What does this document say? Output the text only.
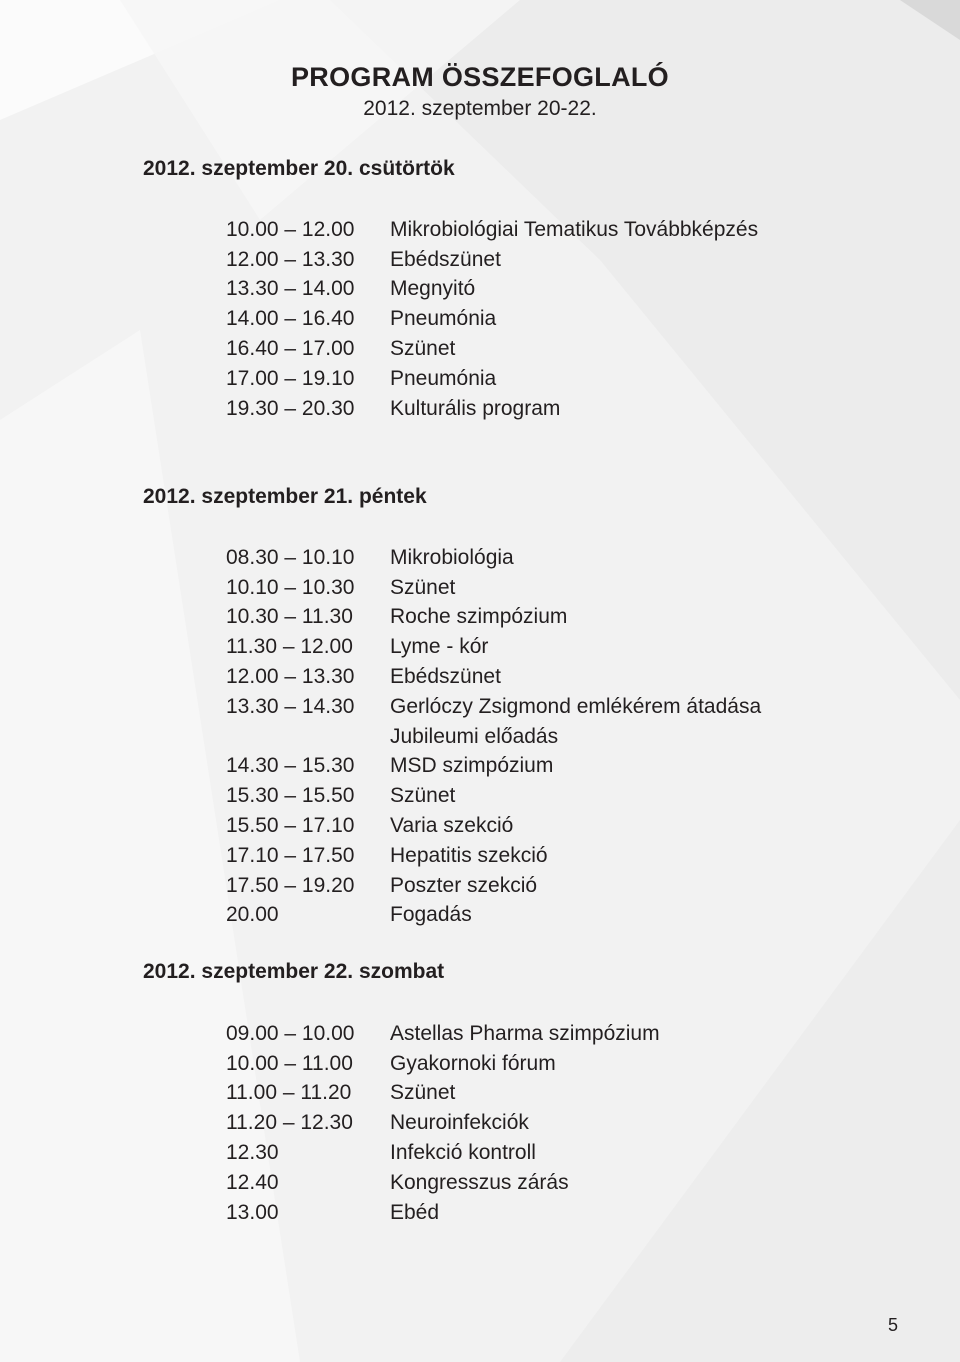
PROGRAM ÖSSZEFOGLALÓ

2012. szeptember 20-22.

2012. szeptember 20. csütörtök
10.00 – 12.00	Mikrobiológiai Tematikus Továbbképzés
12.00 – 13.30	Ebédszünet
13.30 – 14.00	Megnyitó
14.00 – 16.40	Pneumónia
16.40 – 17.00	Szünet
17.00 – 19.10	Pneumónia
19.30 – 20.30	Kulturális program
2012. szeptember 21. péntek
08.30 – 10.10	Mikrobiológia
10.10 – 10.30	Szünet
10.30 – 11.30	Roche szimpózium
11.30 – 12.00	Lyme - kór
12.00 – 13.30	Ebédszünet
13.30 – 14.30	Gerlóczy Zsigmond emlékérem átadása
Jubileumi előadás
14.30 – 15.30	MSD szimpózium
15.30 – 15.50	Szünet
15.50 – 17.10	Varia szekció
17.10 – 17.50	Hepatitis szekció
17.50 – 19.20	Poszter szekció
20.00	Fogadás
2012. szeptember 22. szombat
09.00 – 10.00	Astellas Pharma szimpózium
10.00 – 11.00	Gyakornoki fórum
11.00 – 11.20	Szünet
11.20 – 12.30	Neuroinfekciók
12.30	Infekció kontroll
12.40	Kongresszus zárás
13.00	Ebéd
5
